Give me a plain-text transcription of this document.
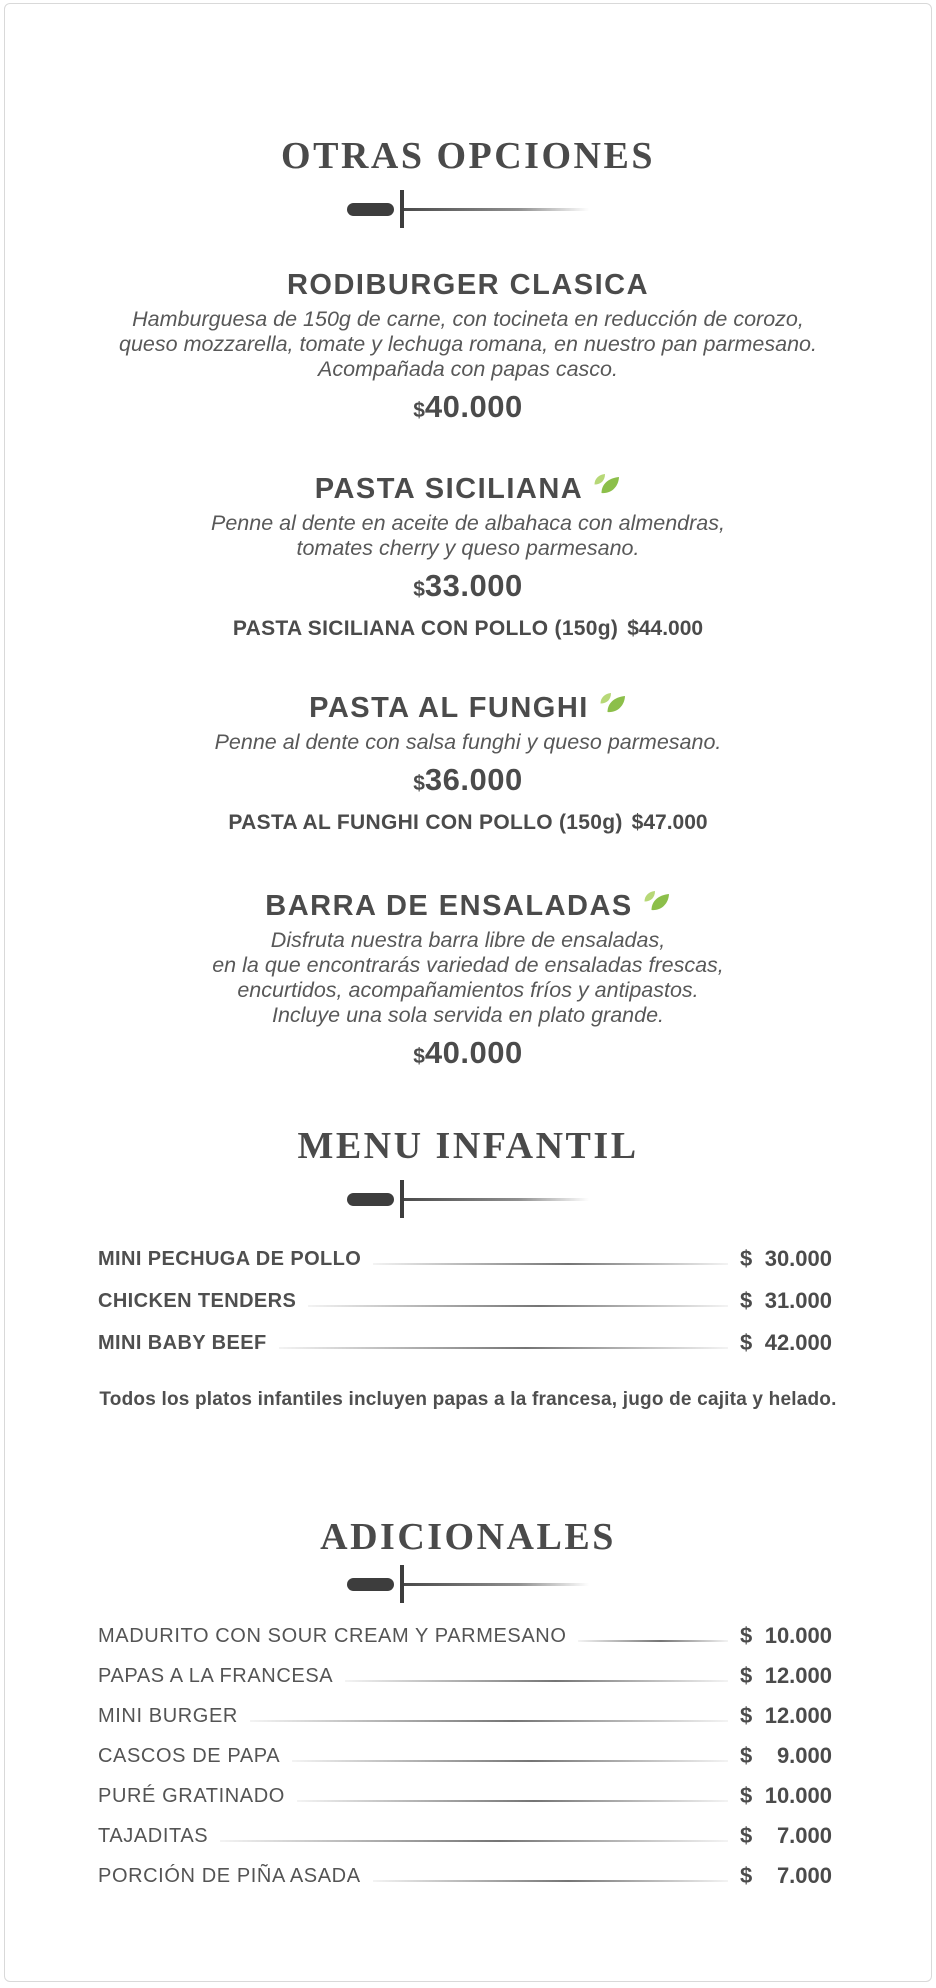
OTRAS OPCIONES
RODIBURGER CLASICA
Hamburguesa de 150g de carne, con tocineta en reducción de corozo,
queso mozzarella, tomate y lechuga romana, en nuestro pan parmesano.
Acompañada con papas casco.
$40.000
PASTA SICILIANA
Penne al dente en aceite de albahaca con almendras,
tomates cherry y queso parmesano.
$33.000
PASTA SICILIANA CON POLLO (150g) $44.000
PASTA AL FUNGHI
Penne al dente con salsa funghi y queso parmesano.
$36.000
PASTA AL FUNGHI CON POLLO (150g) $47.000
BARRA DE ENSALADAS
Disfruta nuestra barra libre de ensaladas,
en la que encontrarás variedad de ensaladas frescas,
encurtidos, acompañamientos fríos y antipastos.
Incluye una sola servida en plato grande.
$40.000
MENU INFANTIL
MINI PECHUGA DE POLLO	$ 30.000
CHICKEN TENDERS	$ 31.000
MINI BABY BEEF	$ 42.000
Todos los platos infantiles incluyen papas a la francesa, jugo de cajita y helado.
ADICIONALES
MADURITO CON SOUR CREAM Y PARMESANO	$ 10.000
PAPAS A LA FRANCESA	$ 12.000
MINI BURGER	$ 12.000
CASCOS DE PAPA	$ 9.000
PURÉ GRATINADO	$ 10.000
TAJADITAS	$ 7.000
PORCIÓN DE PIÑA ASADA	$ 7.000
